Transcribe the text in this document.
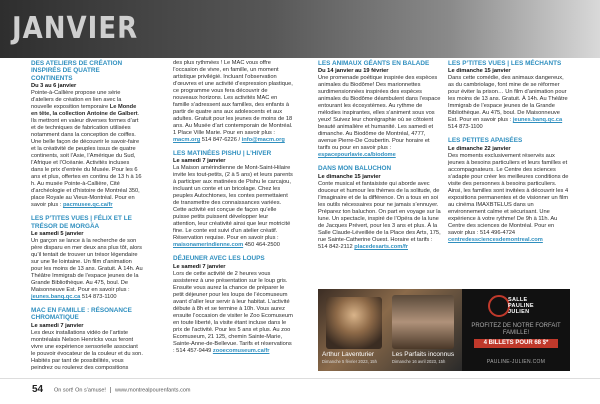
JANVIER
DES ATELIERS DE CRÉATION INSPIRÉS DE QUATRE CONTINENTS
Du 3 au 6 janvier
Pointe-à-Callière propose une série d’ateliers de création en lien avec la nouvelle exposition temporaire Le Monde en tête, la collection Antoine de Galbert. Ils mettront en valeur diverses formes d’art et de techniques de fabrication utilisées notamment dans la conception de coiffes. Une belle façon de découvrir le savoir-faire et la créativité de peuples issus de quatre continents, soit l’Asie, l’Amérique du Sud, l’Afrique et l’Océanie. Activités incluses dans le prix d’entrée du Musée. Pour les 6 ans et plus, offertes en continu de 13 h à 16 h. Au musée Pointe-à-Callière, Cité d’archéologie et d’histoire de Montréal 350, place Royale au Vieux-Montréal. Pour en savoir plus : pacmusee.qc.ca/fr
LES P’TITES VUES | FÉLIX ET LE TRÉSOR DE MORGÄA
Le samedi 5 janvier
Un garçon se lance à la recherche de son père disparu en mer deux ans plus tôt, alors qu’il tentait de trouver un trésor légendaire sur une île lointaine. Un film d’animation pour les moins de 13 ans. Gratuit. À 14h. Au Théâtre Immigrab de l’espace jeunes de la Grande Bibliothèque. Au 475, boul. De Maisonneuve Est. Pour en savoir plus : jeunes.banq.qc.ca 514 873-1100
MAC EN FAMILLE : RÉSONANCE CHROMATIQUE
Le samedi 7 janvier
Les deux installations vidéo de l’artiste montréalais Nelson Henricks vous feront vivre une expérience sensorielle associant le pouvoir évocateur de la couleur et du son. Habités par tant de possibilités, vous peindrez ou roulerez des compositions
des plus rythmées ! Le MAC vous offre l’occasion de vivre, en famille, un moment artistique privilégié. Incluant l’observation d’œuvres et une activité d’expression plastique, ce programme vous fera découvrir de nouveaux horizons. Les activités MAC en famille s’adressent aux familles, des enfants à partir de quatre ans aux adolescents et aux adultes. Gratuit pour les jeunes de moins de 18 ans. Au Musée d’art contemporain de Montréal. 1 Place Ville Marie. Pour en savoir plus : macm.org 514 847-6226 / info@macm.org
LES MATINÉES PISHU | L’HIVER
Le samedi 7 janvier
La Maison amérindienne de Mont-Saint-Hilaire invite les tout-petits, (2 à 5 ans) et leurs parents à participer aux matinées de Pishu le carcajou, incluant un conte et un bricolage. Chez les peuples Autochtones, les contes permettaient de transmettre des connaissances variées. Cette activité est conçue de façon qu’elle puisse petits puissent développer leur attention, leur créativité ainsi que leur motricité fine. Le conte est suivi d’un atelier créatif. Réservation requise. Pour en savoir plus : maisonamerindienne.com 450 464-2500
DÉJEUNER AVEC LES LOUPS
Le samedi 7 janvier
Lors de cette activité de 2 heures vous assisterez à une présentation sur le loup gris. Ensuite vous aurez la chance de préparer le petit déjeuner pour les loups de l’écomuseum avant d’aller leur servir à leur habitat. L’activité débute à 8h et se termine à 10h. Vous aurez ensuite l’occasion de visiter le Zoo Ecomuseum en toute liberté, la visite étant incluse dans le prix de l’activité. Pour les 5 ans et plus. Au zoo Ecomuseum, 21 125, chemin Sainte-Marie, Sainte-Anne-de-Bellevue. Tarifs et réservations : 514 457-9449 zooecomuseum.ca/fr
LES ANIMAUX GÉANTS EN BALADE
Du 14 janvier au 19 février
Une promenade poétique inspirée des espèces animales du Biodôme! Des marionnettes surdimensionnées inspirées des espèces animales du Biodôme déambulent dans l’espace entourant les écosystèmes. Au rythme de mélodies inspirantes, elles s’animent sous vos yeux! Suivez leur chorégraphie où se côtoient beauté animalière et humanité. Les samedi et dimanche. Au Biodôme de Montréal, 4777, avenue Pierre-De Coubertin. Pour horaire et tarifs ou pour en savoir plus : espacepourlavie.ca/biodome
DANS MON BALUCHON
Le dimanche 15 janvier
Conte musical et fantaisiste qui aborde avec douceur et humour les thèmes de la solitude, de l’imaginaire et de la différence. On a tous en soi les outils nécessaires pour ne jamais s’ennuyer. Préparez ton baluchon. On part en voyage sur la lune. Un spectacle, inspiré de l’Opéra de la lune de Jacques Prévert, pour les 3 ans et plus. À la Salle Claude-Léveillée de la Place des Arts, 175, rue Sainte-Catherine Ouest. Horaire et tarifs : 514 842-2112 placedesarts.com/fr
LES P’TITES VUES | LES MÉCHANTS
Le dimanche 15 janvier
Dans cette comédie, des animaux dangereux, as du cambriolage, font mine de se réformer pour éviter la prison… Un film d’animation pour les moins de 13 ans. Gratuit. À 14h. Au Théâtre Immigrab de l’espace jeunes de la Grande Bibliothèque. Au 475, boul. De Maisonneuve Est. Pour en savoir plus : jeunes.banq.qc.ca 514 873-1100
LES PETITES APAISÉES
Le dimanche 22 janvier
Des moments exclusivement réservés aux jeunes à besoins particuliers et leurs familles et accompagnateurs. Le Centre des sciences s’adapte pour créer les meilleures conditions de visite des personnes à besoins particuliers. Ainsi, les familles sont invitées à découvrir les 4 expositions permanentes et de visionner un film au cinéma IMAXBTELUS dans un environnement calme et sécurisant. Une expérience à votre rythme! De 9h à 11h. Au Centre des sciences de Montréal. Pour en savoir plus : 514 496-4724 centredessciencesdemontreal.com
Arthur Laventurier
Dimanche 5 février 2023, 15h
Les Parfaits inconnus
Dimanche 16 avril 2023, 15h
SALLE
PAULINE
JULIEN
PROFITEZ DE NOTRE FORFAIT FAMILLE!
4 BILLETS POUR 68 $*
PAULINE-JULIEN.COM
54 On sort! On s’amuse! www.montrealpourenfants.com
